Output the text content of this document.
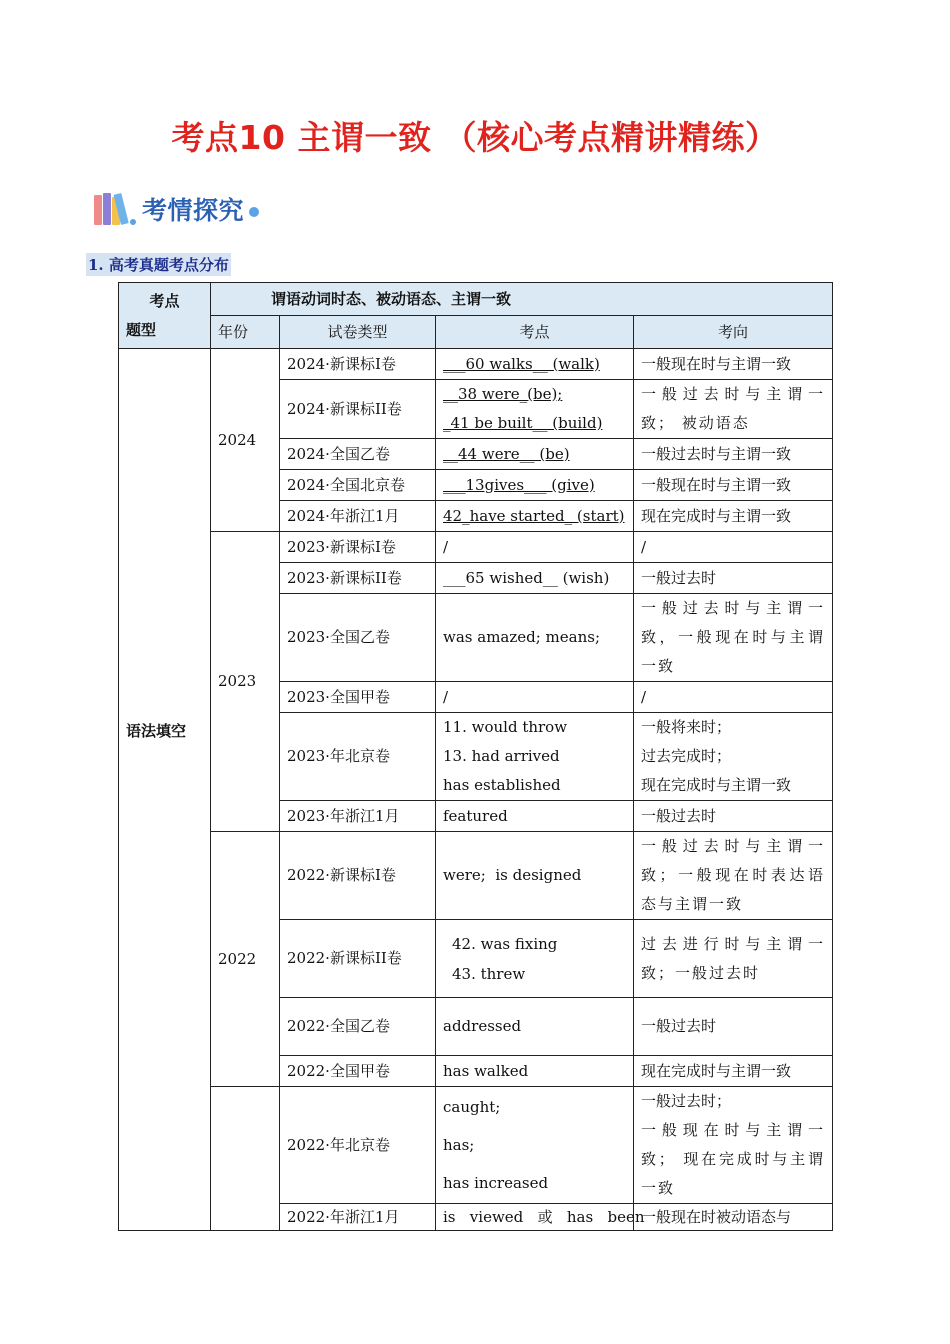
考点10 主谓一致 （核心考点精讲精练）
考情探究
1. 高考真题考点分布
考点
题型	谓语动词时态、被动语态、主谓一致			
	年份	试卷类型	考点	考向
语法填空	2024	2024·新课标I卷	___60 walks__ (walk)	一般现在时与主谓一致

		2024·新课标II卷	__38 were_(be);
_41 be built__ (build)	一般过去时与主谓一致； 被动语态

		2024·全国乙卷	__44 were__ (be)	一般过去时与主谓一致

		2024·全国北京卷	___13gives___ (give)	一般现在时与主谓一致

		2024·年浙江1月	42_have started_ (start)	现在完成时与主谓一致

	2023	2023·新课标I卷	/	/

		2023·新课标II卷	___65 wished__ (wish)	一般过去时

		2023·全国乙卷	was amazed; means;	一般过去时与主谓一致，一般现在时与主谓一致

		2023·全国甲卷	/	/

		2023·年北京卷	11. would throw
13. had arrived
has established	一般将来时；
过去完成时；
现在完成时与主谓一致

		2023·年浙江1月	featured	一般过去时

	2022	2022·新课标I卷	were;  is designed	一般过去时与主谓一致；一般现在时表达语态与主谓一致

		2022·新课标II卷	42. was fixing
43. threw	过去进行时与主谓一致；一般过去时

		2022·全国乙卷	addressed	一般过去时

		2022·全国甲卷	has walked	现在完成时与主谓一致

		2022·年北京卷	caught;
has;
has increased	一般过去时；
一般现在时与主谓一致； 现在完成时与主谓一致

		2022·年浙江1月	is   viewed   或   has   been	一般现在时被动语态与
